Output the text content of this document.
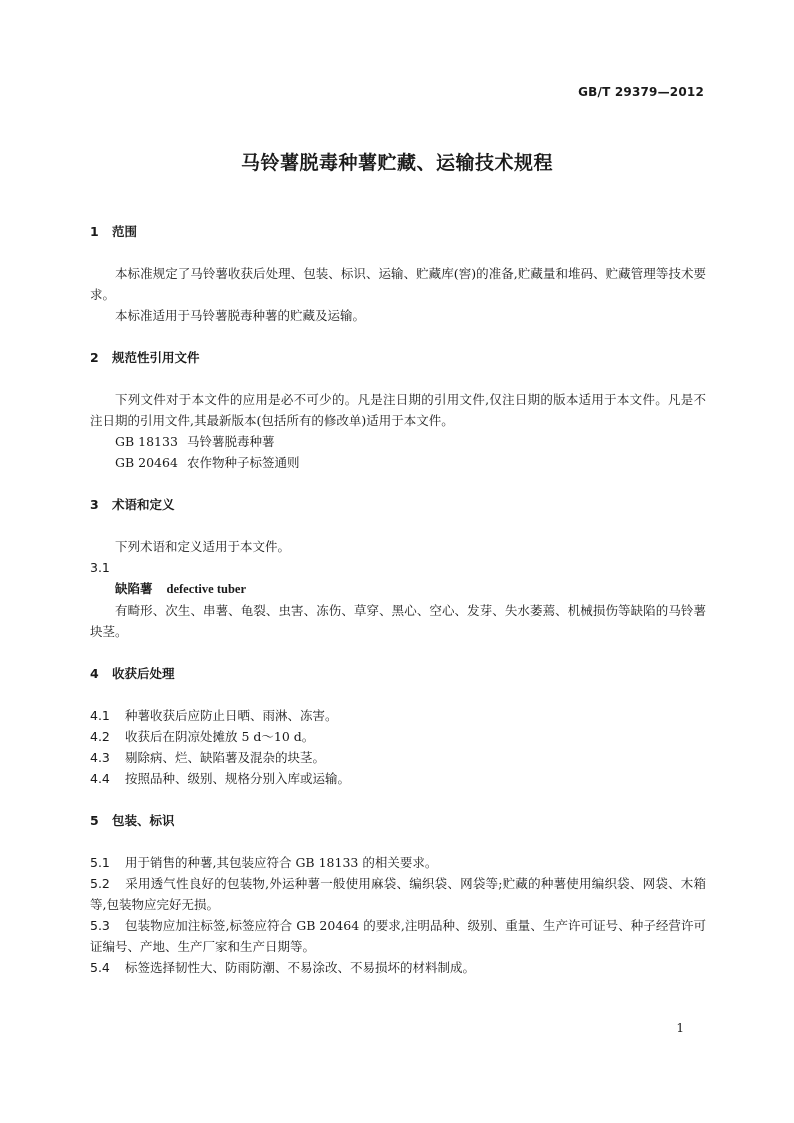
GB/T 29379—2012
马铃薯脱毒种薯贮藏、运输技术规程
1 范围

本标准规定了马铃薯收获后处理、包装、标识、运输、贮藏库(窖)的准备,贮藏量和堆码、贮藏管理等技术要求。

本标准适用于马铃薯脱毒种薯的贮藏及运输。

2 规范性引用文件

下列文件对于本文件的应用是必不可少的。凡是注日期的引用文件,仅注日期的版本适用于本文件。凡是不注日期的引用文件,其最新版本(包括所有的修改单)适用于本文件。

GB 18133 马铃薯脱毒种薯
GB 20464 农作物种子标签通则
3 术语和定义

下列术语和定义适用于本文件。

3.1
缺陷薯 defective tuber

有畸形、次生、串薯、龟裂、虫害、冻伤、草穿、黑心、空心、发芽、失水萎蔫、机械损伤等缺陷的马铃薯块茎。

4 收获后处理

4.1 种薯收获后应防止日晒、雨淋、冻害。

4.2 收获后在阴凉处摊放 5 d～10 d。

4.3 剔除病、烂、缺陷薯及混杂的块茎。

4.4 按照品种、级别、规格分别入库或运输。

5 包装、标识

5.1 用于销售的种薯,其包装应符合 GB 18133 的相关要求。

5.2 采用透气性良好的包装物,外运种薯一般使用麻袋、编织袋、网袋等;贮藏的种薯使用编织袋、网袋、木箱等,包装物应完好无损。

5.3 包装物应加注标签,标签应符合 GB 20464 的要求,注明品种、级别、重量、生产许可证号、种子经营许可证编号、产地、生产厂家和生产日期等。

5.4 标签选择韧性大、防雨防潮、不易涂改、不易损坏的材料制成。

1
